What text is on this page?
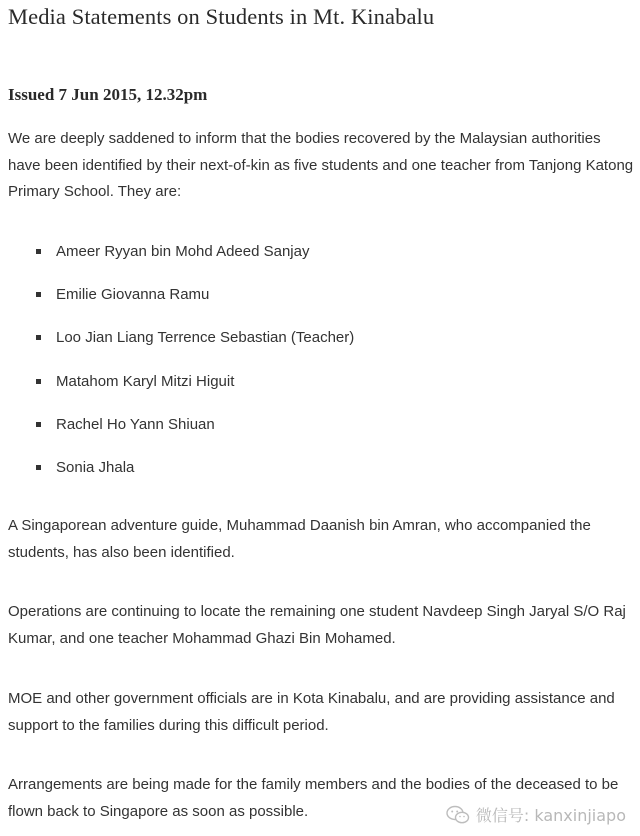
Media Statements on Students in Mt. Kinabalu

Issued 7 Jun 2015, 12.32pm

We are deeply saddened to inform that the bodies recovered by the Malaysian authorities have been identified by their next-of-kin as five students and one teacher from Tanjong Katong Primary School. They are:

Ameer Ryyan bin Mohd Adeed Sanjay
Emilie Giovanna Ramu
Loo Jian Liang Terrence Sebastian (Teacher)
Matahom Karyl Mitzi Higuit
Rachel Ho Yann Shiuan
Sonia Jhala

A Singaporean adventure guide, Muhammad Daanish bin Amran, who accompanied the students, has also been identified.

Operations are continuing to locate the remaining one student Navdeep Singh Jaryal S/O Raj Kumar, and one teacher Mohammad Ghazi Bin Mohamed.

MOE and other government officials are in Kota Kinabalu, and are providing assistance and support to the families during this difficult period.

Arrangements are being made for the family members and the bodies of the deceased to be flown back to Singapore as soon as possible.	微信号: kanxinjiapo
